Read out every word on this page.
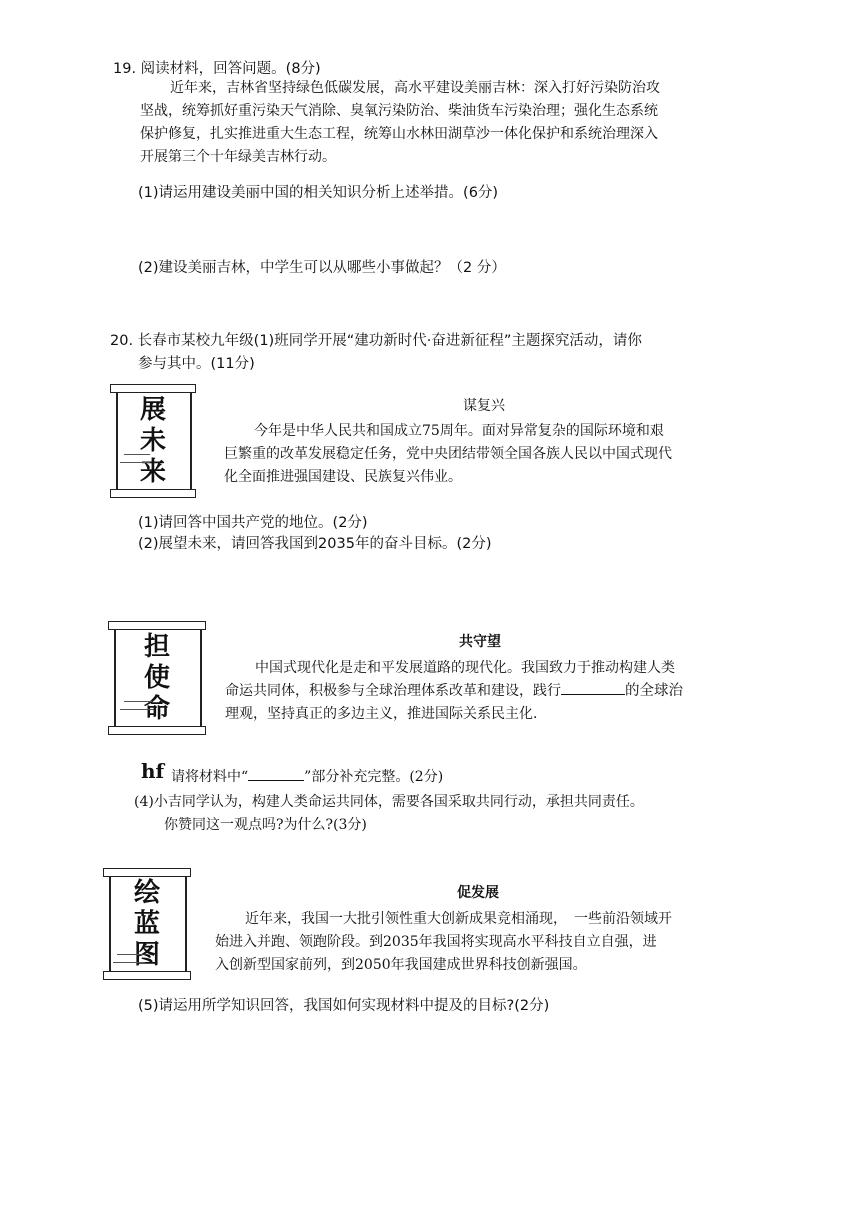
19. 阅读材料，回答问题。(8分)
近年来，吉林省坚持绿色低碳发展，高水平建设美丽吉林：深入打好污染防治攻
坚战，统筹抓好重污染天气消除、臭氧污染防治、柴油货车污染治理；强化生态系统
保护修复，扎实推进重大生态工程，统筹山水林田湖草沙一体化保护和系统治理深入
开展第三个十年绿美吉林行动。
(1)请运用建设美丽中国的相关知识分析上述举措。(6分)
(2)建设美丽吉林，中学生可以从哪些小事做起？（2 分）
20. 长春市某校九年级(1)班同学开展“建功新时代·奋进新征程”主题探究活动，请你
参与其中。(11分)
展
未
来
谋复兴
今年是中华人民共和国成立75周年。面对异常复杂的国际环境和艰
巨繁重的改革发展稳定任务，党中央团结带领全国各族人民以中国式现代
化全面推进强国建设、民族复兴伟业。
(1)请回答中国共产党的地位。(2分)
(2)展望未来，请回答我国到2035年的奋斗目标。(2分)
担
使
命
共守望
中国式现代化是走和平发展道路的现代化。我国致力于推动构建人类
命运共同体，积极参与全球治理体系改革和建设，践行	的全球治
理观，坚持真正的多边主义，推进国际关系民主化.
hf 请将材料中“	”部分补充完整。(2分)
(4)小吉同学认为，构建人类命运共同体，需要各国采取共同行动，承担共同责任。
你赞同这一观点吗?为什么?(3分)
绘
蓝
图
促发展
近年来，我国一大批引领性重大创新成果竞相涌现，　一些前沿领域开
始进入并跑、领跑阶段。到2035年我国将实现高水平科技自立自强，进
入创新型国家前列，到2050年我国建成世界科技创新强国。
(5)请运用所学知识回答，我国如何实现材料中提及的目标?(2分)
